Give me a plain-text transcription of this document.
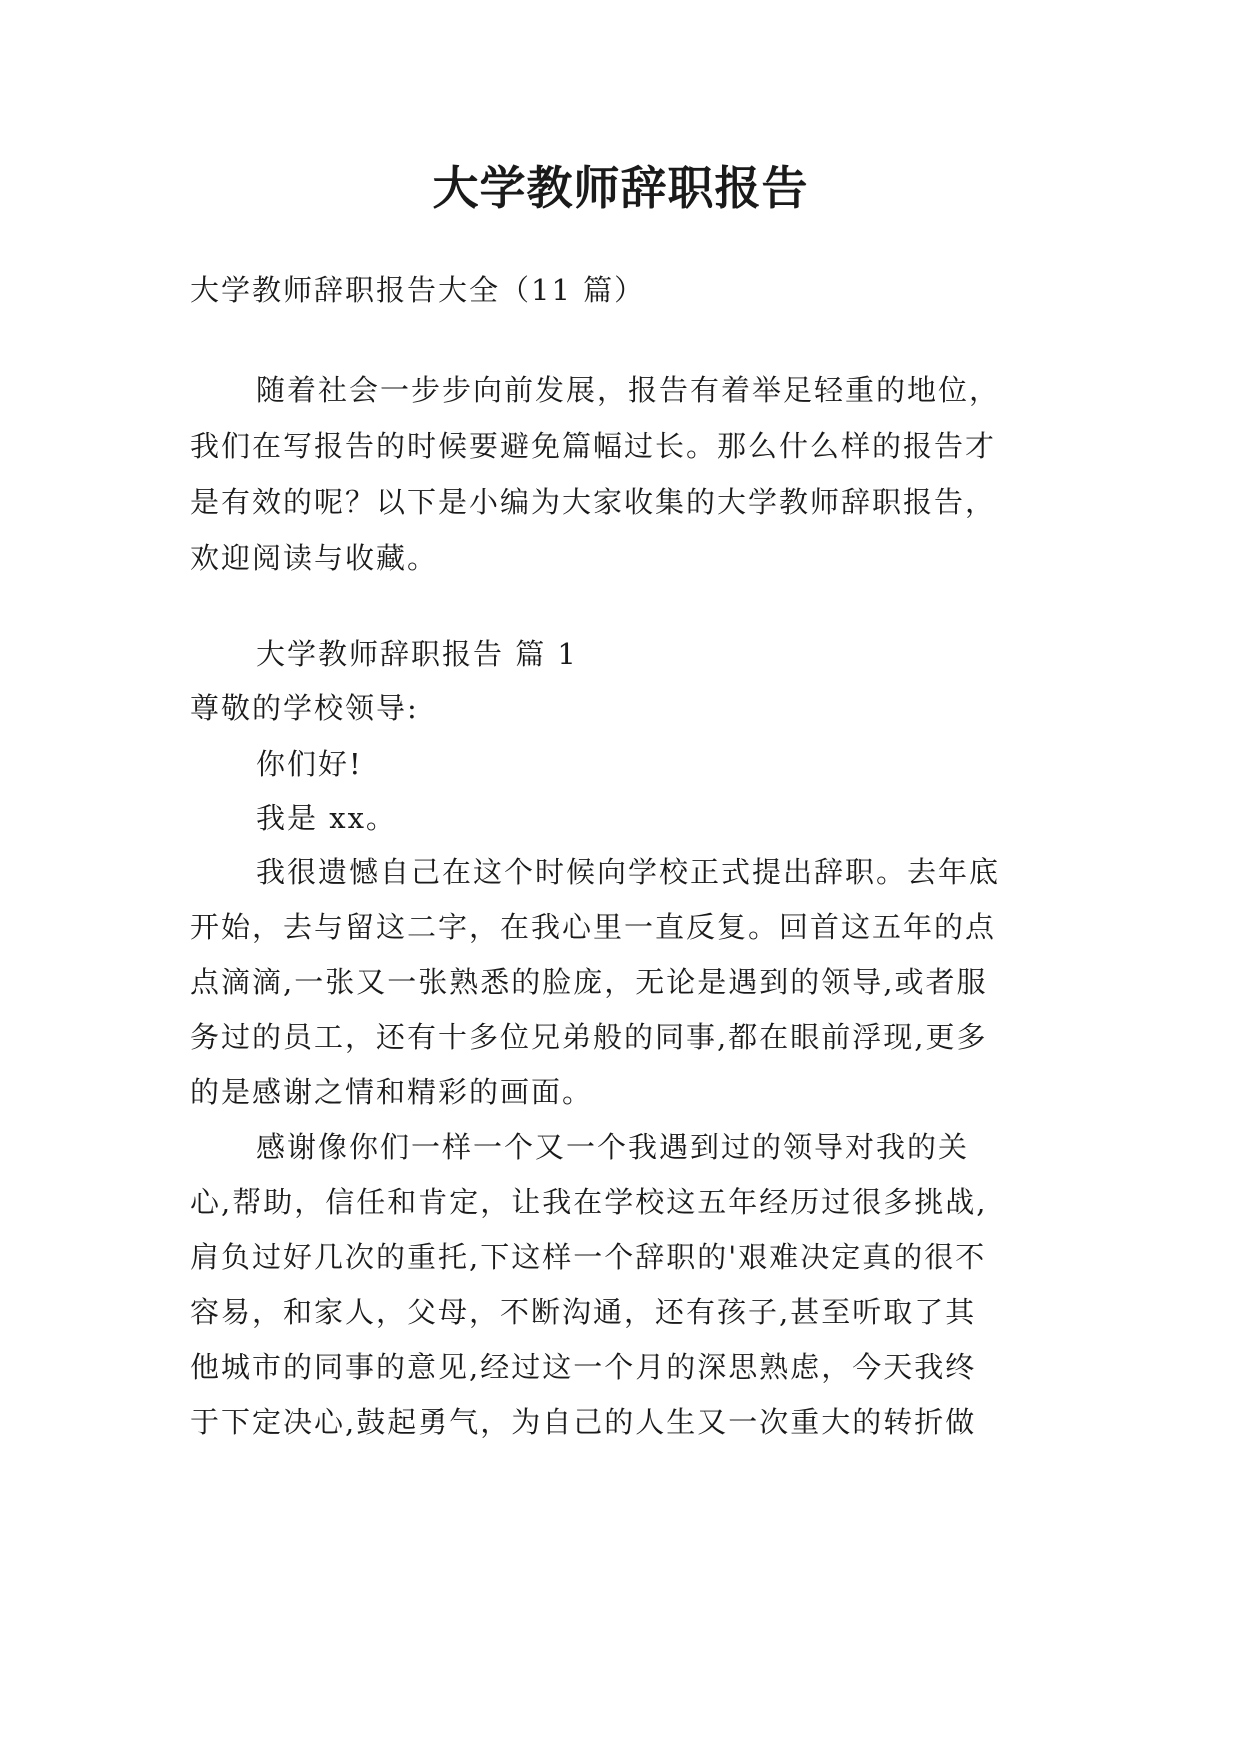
大学教师辞职报告

大学教师辞职报告大全（11 篇）

随着社会一步步向前发展，报告有着举足轻重的地位，

我们在写报告的时候要避免篇幅过长。那么什么样的报告才

是有效的呢？以下是小编为大家收集的大学教师辞职报告，

欢迎阅读与收藏。

大学教师辞职报告 篇 1

尊敬的学校领导:

你们好!

我是 xx。

我很遗憾自己在这个时候向学校正式提出辞职。去年底

开始，去与留这二字，在我心里一直反复。回首这五年的点

点滴滴,一张又一张熟悉的脸庞，无论是遇到的领导,或者服

务过的员工，还有十多位兄弟般的同事,都在眼前浮现,更多

的是感谢之情和精彩的画面。

感谢像你们一样一个又一个我遇到过的领导对我的关

心,帮助，信任和肯定，让我在学校这五年经历过很多挑战,

肩负过好几次的重托,下这样一个辞职的'艰难决定真的很不

容易，和家人，父母，不断沟通，还有孩子,甚至听取了其

他城市的同事的意见,经过这一个月的深思熟虑，今天我终

于下定决心,鼓起勇气，为自己的人生又一次重大的转折做
